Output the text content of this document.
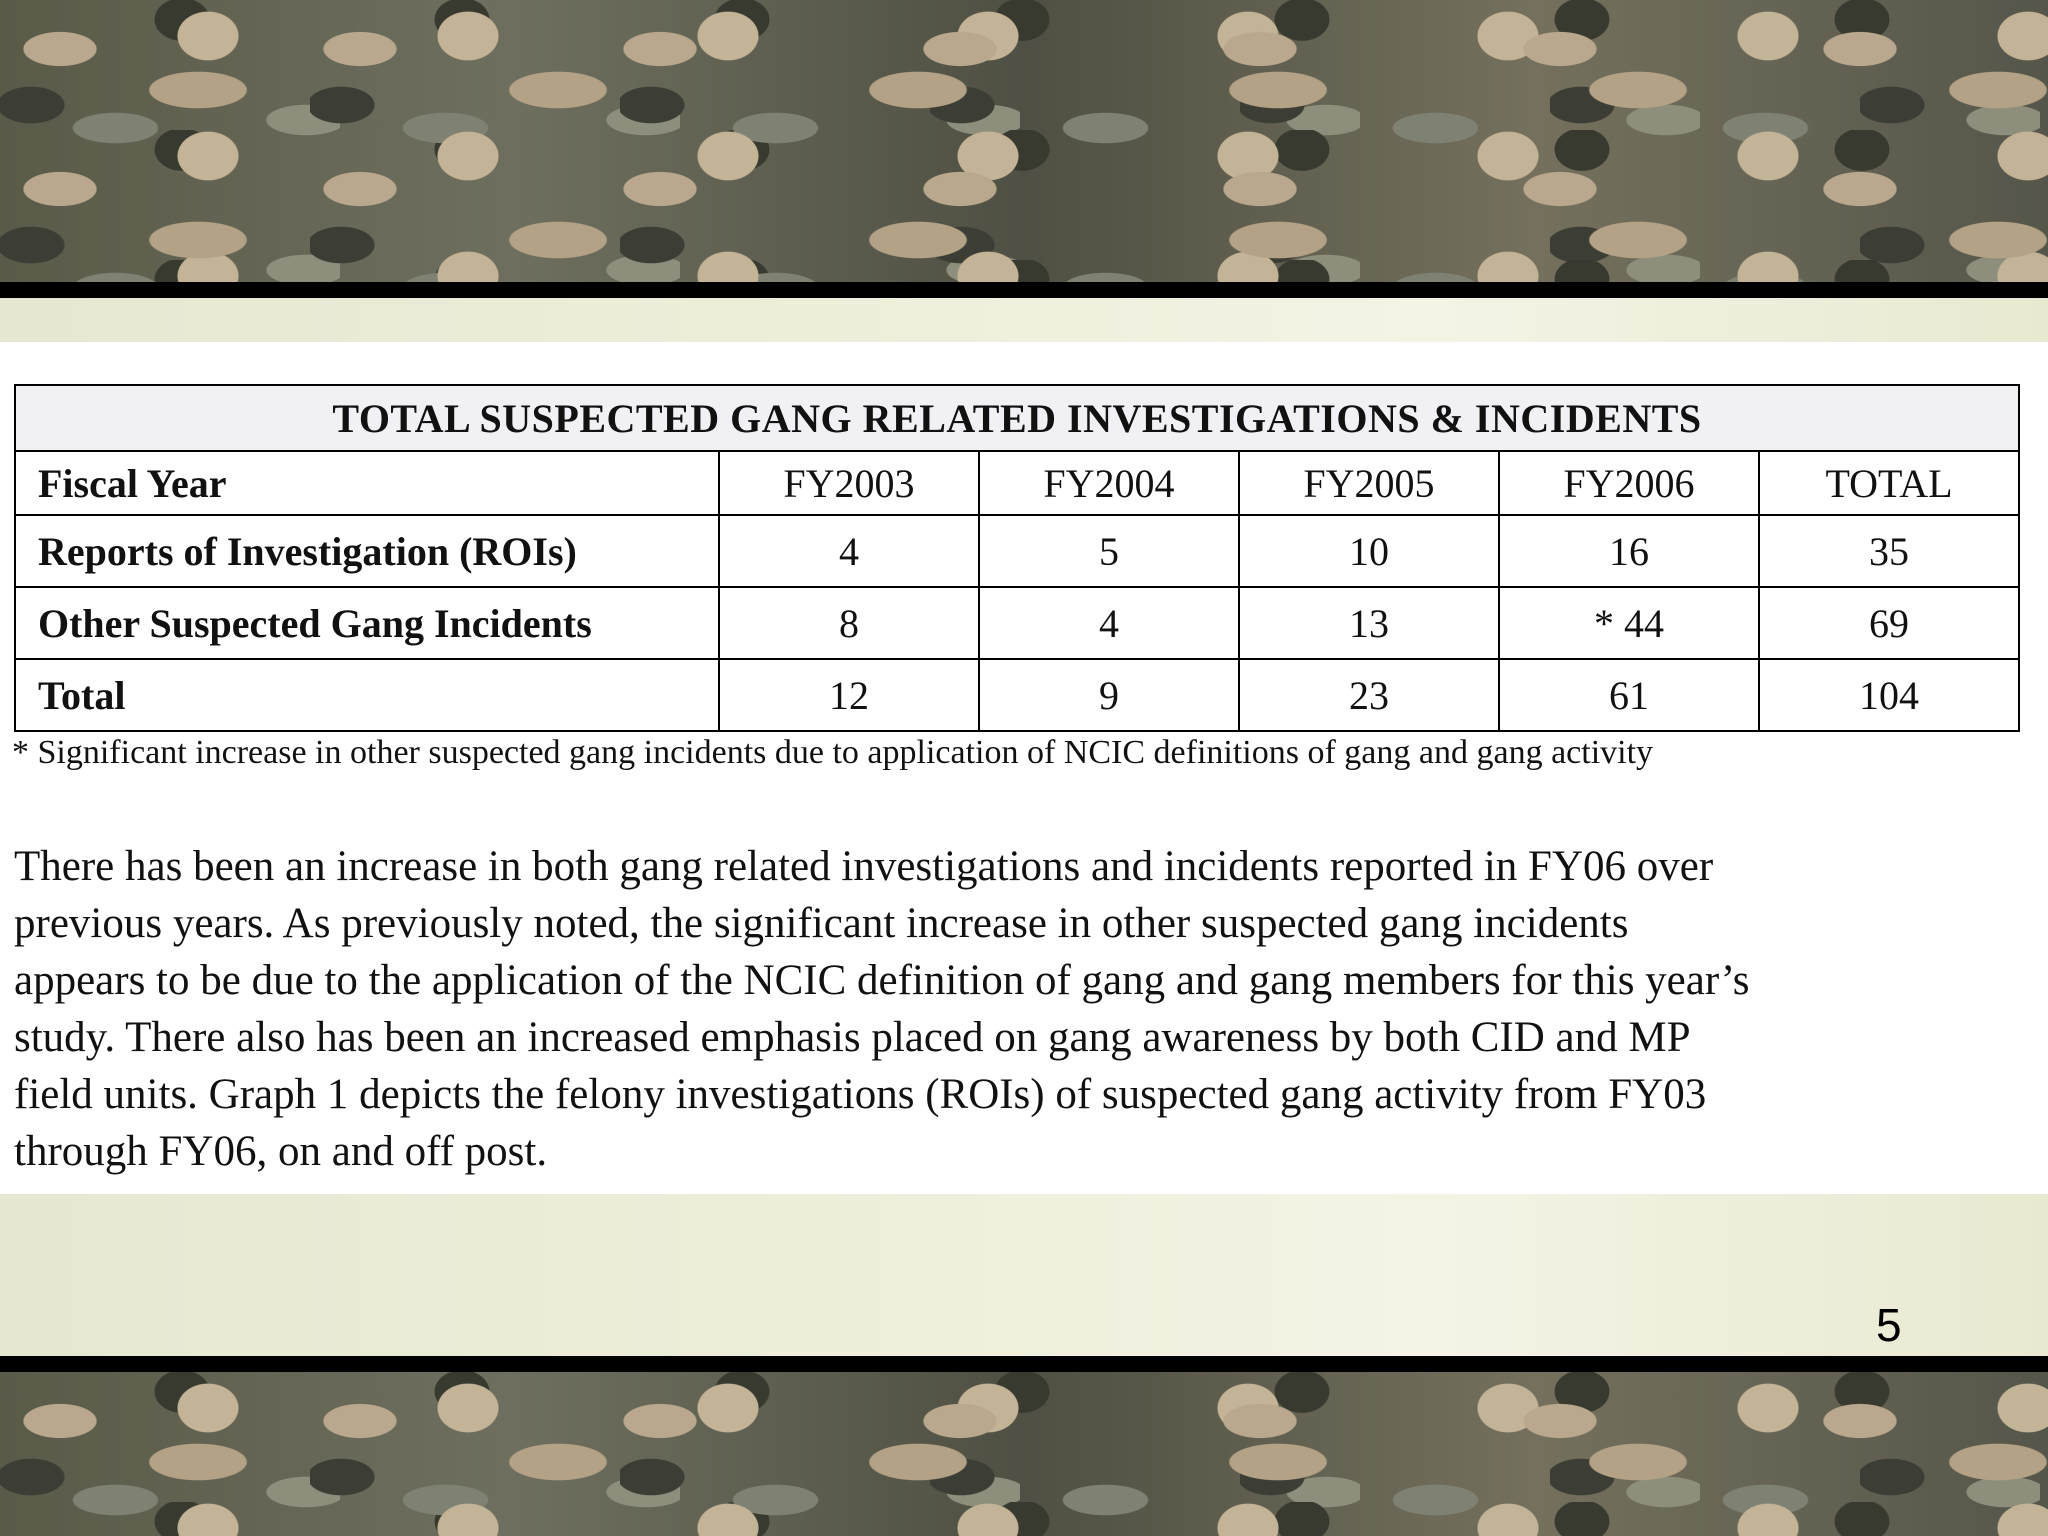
TOTAL SUSPECTED GANG RELATED INVESTIGATIONS & INCIDENTS					
Fiscal Year	FY2003	FY2004	FY2005	FY2006	TOTAL
Reports of Investigation (ROIs)	4	5	10	16	35
Other Suspected Gang Incidents	8	4	13	* 44	69
Total	12	9	23	61	104
* Significant increase in other suspected gang incidents due to application of NCIC definitions of gang and gang activity
There has been an increase in both gang related investigations and incidents reported in FY06 over
previous years. As previously noted, the significant increase in other suspected gang incidents
appears to be due to the application of the NCIC definition of gang and gang members for this year’s
study. There also has been an increased emphasis placed on gang awareness by both CID and MP
field units. Graph 1 depicts the felony investigations (ROIs) of suspected gang activity from FY03
through FY06, on and off post.
5
